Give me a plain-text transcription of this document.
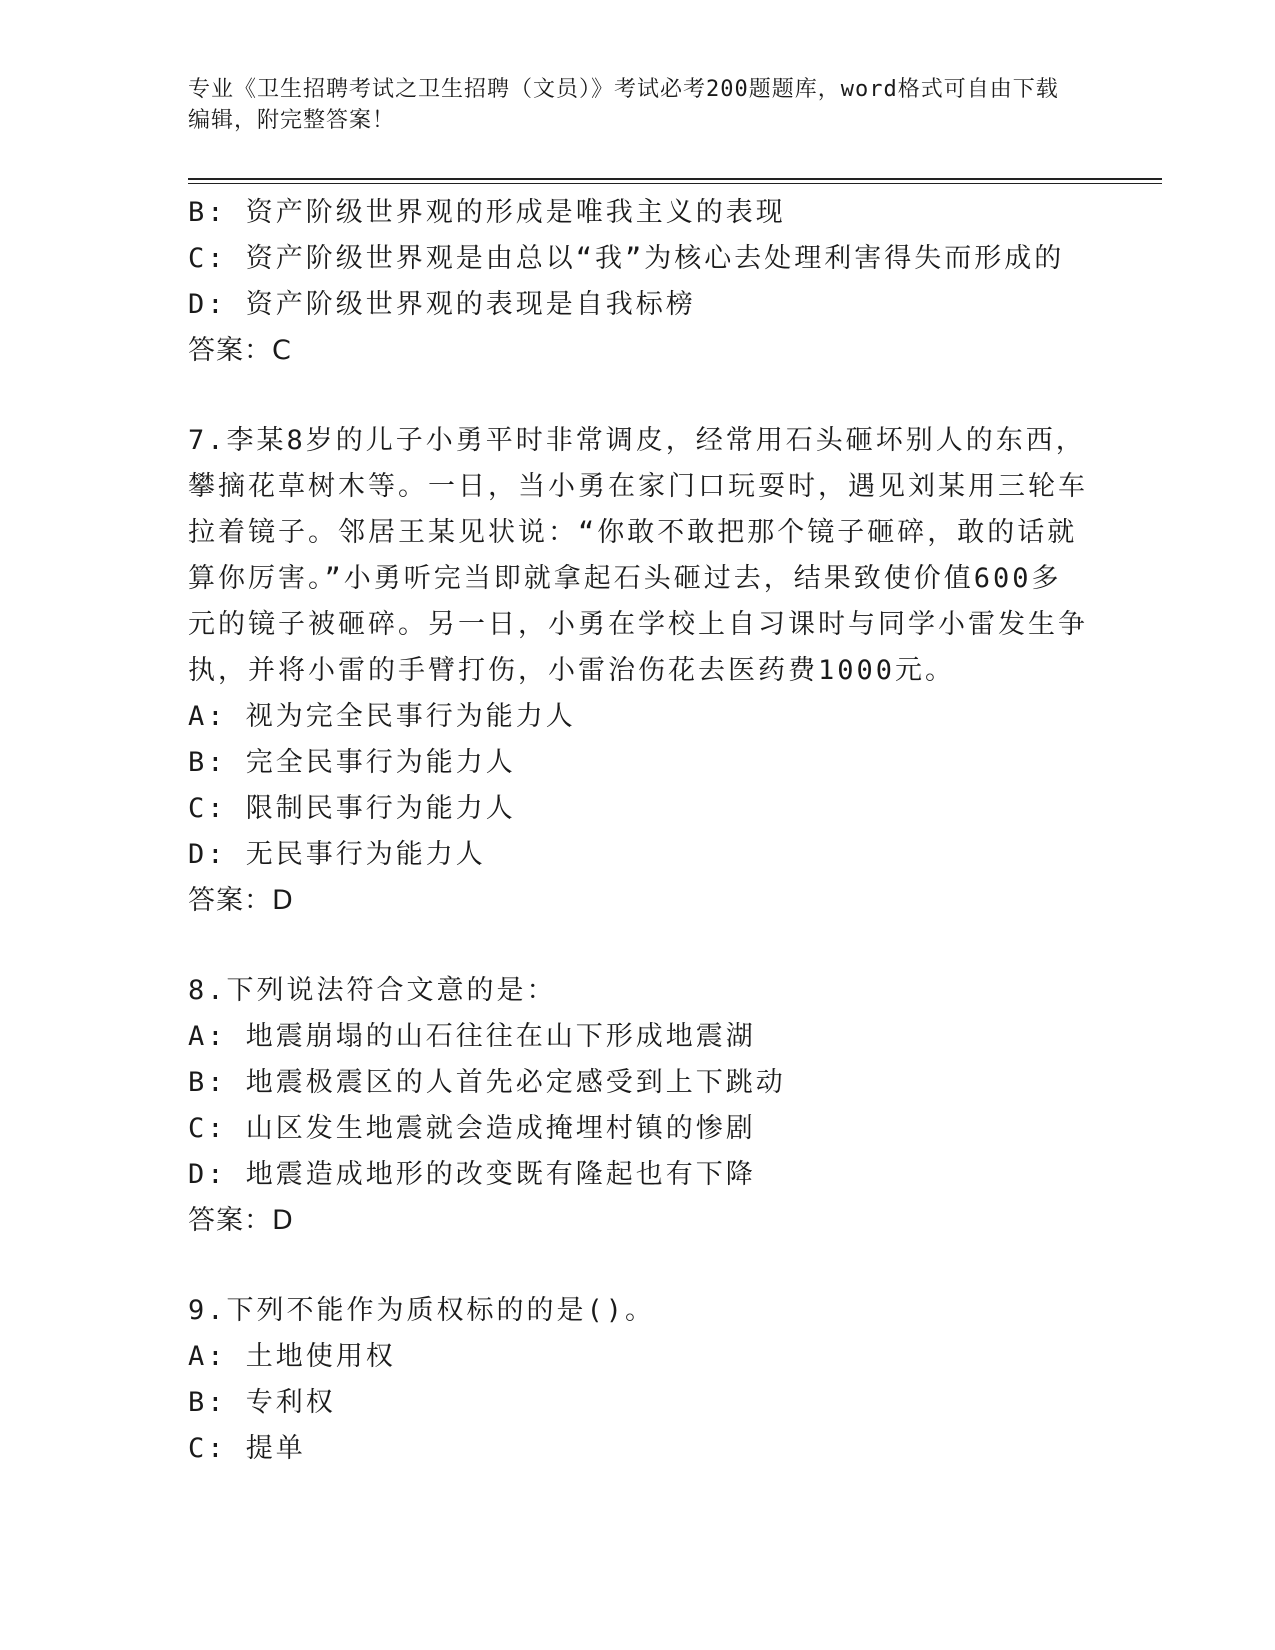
专业《卫生招聘考试之卫生招聘（文员）》考试必考200题题库，word格式可自由下载编辑，附完整答案！
B: 资产阶级世界观的形成是唯我主义的表现
C: 资产阶级世界观是由总以“我”为核心去处理利害得失而形成的
D: 资产阶级世界观的表现是自我标榜
答案：C
7.李某8岁的儿子小勇平时非常调皮，经常用石头砸坏别人的东西，
攀摘花草树木等。一日，当小勇在家门口玩耍时，遇见刘某用三轮车
拉着镜子。邻居王某见状说：“你敢不敢把那个镜子砸碎，敢的话就
算你厉害。”小勇听完当即就拿起石头砸过去，结果致使价值600多
元的镜子被砸碎。另一日，小勇在学校上自习课时与同学小雷发生争
执，并将小雷的手臂打伤，小雷治伤花去医药费1000元。
A: 视为完全民事行为能力人
B: 完全民事行为能力人
C: 限制民事行为能力人
D: 无民事行为能力人
答案：D
8.下列说法符合文意的是：
A: 地震崩塌的山石往往在山下形成地震湖
B: 地震极震区的人首先必定感受到上下跳动
C: 山区发生地震就会造成掩埋村镇的惨剧
D: 地震造成地形的改变既有隆起也有下降
答案：D
9.下列不能作为质权标的的是()。
A: 土地使用权
B: 专利权
C: 提单
